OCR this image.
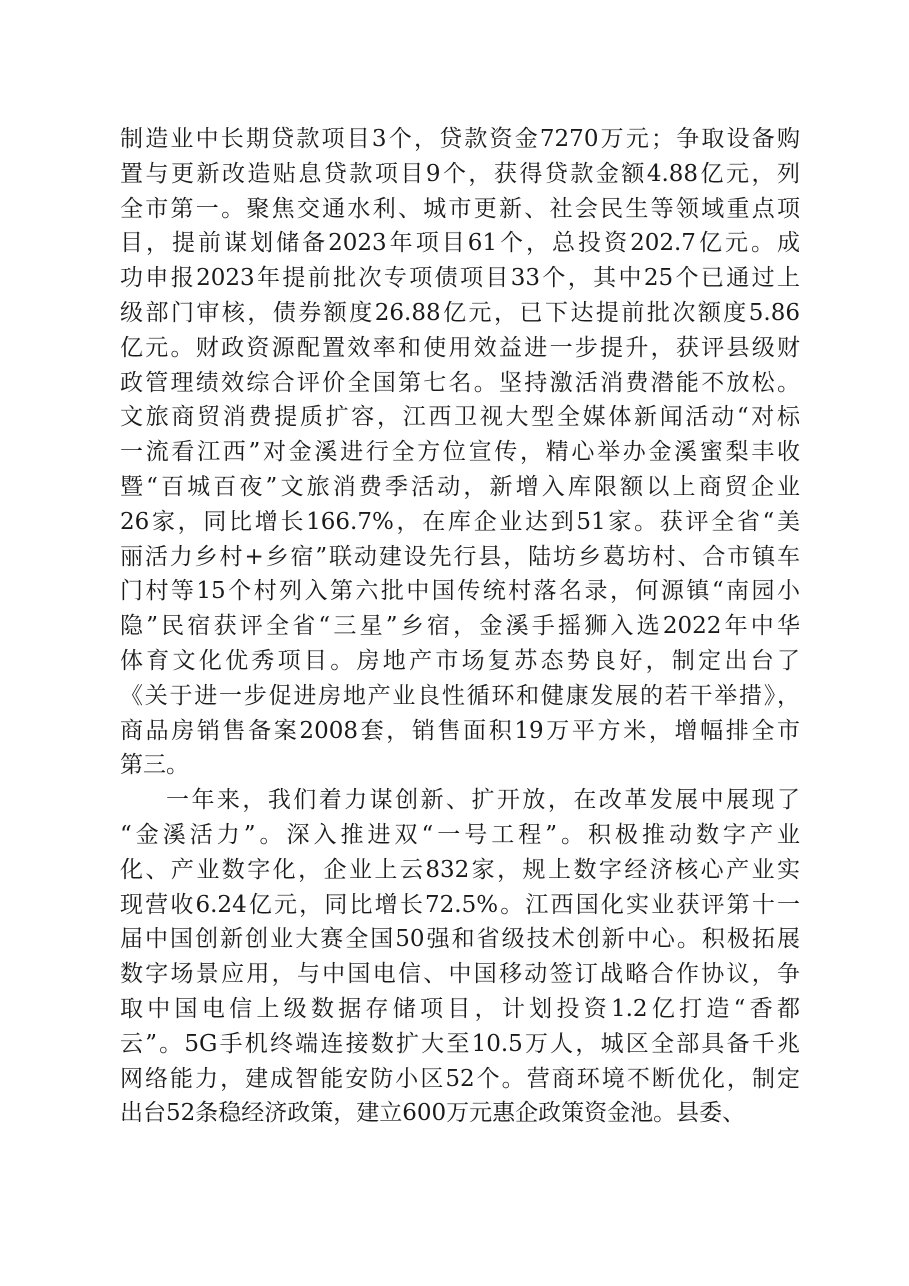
制造业中长期贷款项目3个，贷款资金7270万元；争取设备购
置与更新改造贴息贷款项目9个，获得贷款金额4.88亿元，列
全市第一。聚焦交通水利、城市更新、社会民生等领域重点项
目，提前谋划储备2023年项目61个，总投资202.7亿元。成
功申报2023年提前批次专项债项目33个，其中25个已通过上
级部门审核，债券额度26.88亿元，已下达提前批次额度5.86
亿元。财政资源配置效率和使用效益进一步提升，获评县级财
政管理绩效综合评价全国第七名。坚持激活消费潜能不放松。
文旅商贸消费提质扩容，江西卫视大型全媒体新闻活动“对标
一流看江西”对金溪进行全方位宣传，精心举办金溪蜜梨丰收
暨“百城百夜”文旅消费季活动，新增入库限额以上商贸企业
26家，同比增长166.7%，在库企业达到51家。获评全省“美
丽活力乡村+乡宿”联动建设先行县，陆坊乡葛坊村、合市镇车
门村等15个村列入第六批中国传统村落名录，何源镇“南园小
隐”民宿获评全省“三星”乡宿，金溪手摇狮入选2022年中华
体育文化优秀项目。房地产市场复苏态势良好，制定出台了
《关于进一步促进房地产业良性循环和健康发展的若干举措》，
商品房销售备案2008套，销售面积19万平方米，增幅排全市
第三。
一年来，我们着力谋创新、扩开放，在改革发展中展现了
“金溪活力”。深入推进双“一号工程”。积极推动数字产业
化、产业数字化，企业上云832家，规上数字经济核心产业实
现营收6.24亿元，同比增长72.5%。江西国化实业获评第十一
届中国创新创业大赛全国50强和省级技术创新中心。积极拓展
数字场景应用，与中国电信、中国移动签订战略合作协议，争
取中国电信上级数据存储项目，计划投资1.2亿打造“香都
云”。5G手机终端连接数扩大至10.5万人，城区全部具备千兆
网络能力，建成智能安防小区52个。营商环境不断优化，制定
出台52条稳经济政策，建立600万元惠企政策资金池。县委、
